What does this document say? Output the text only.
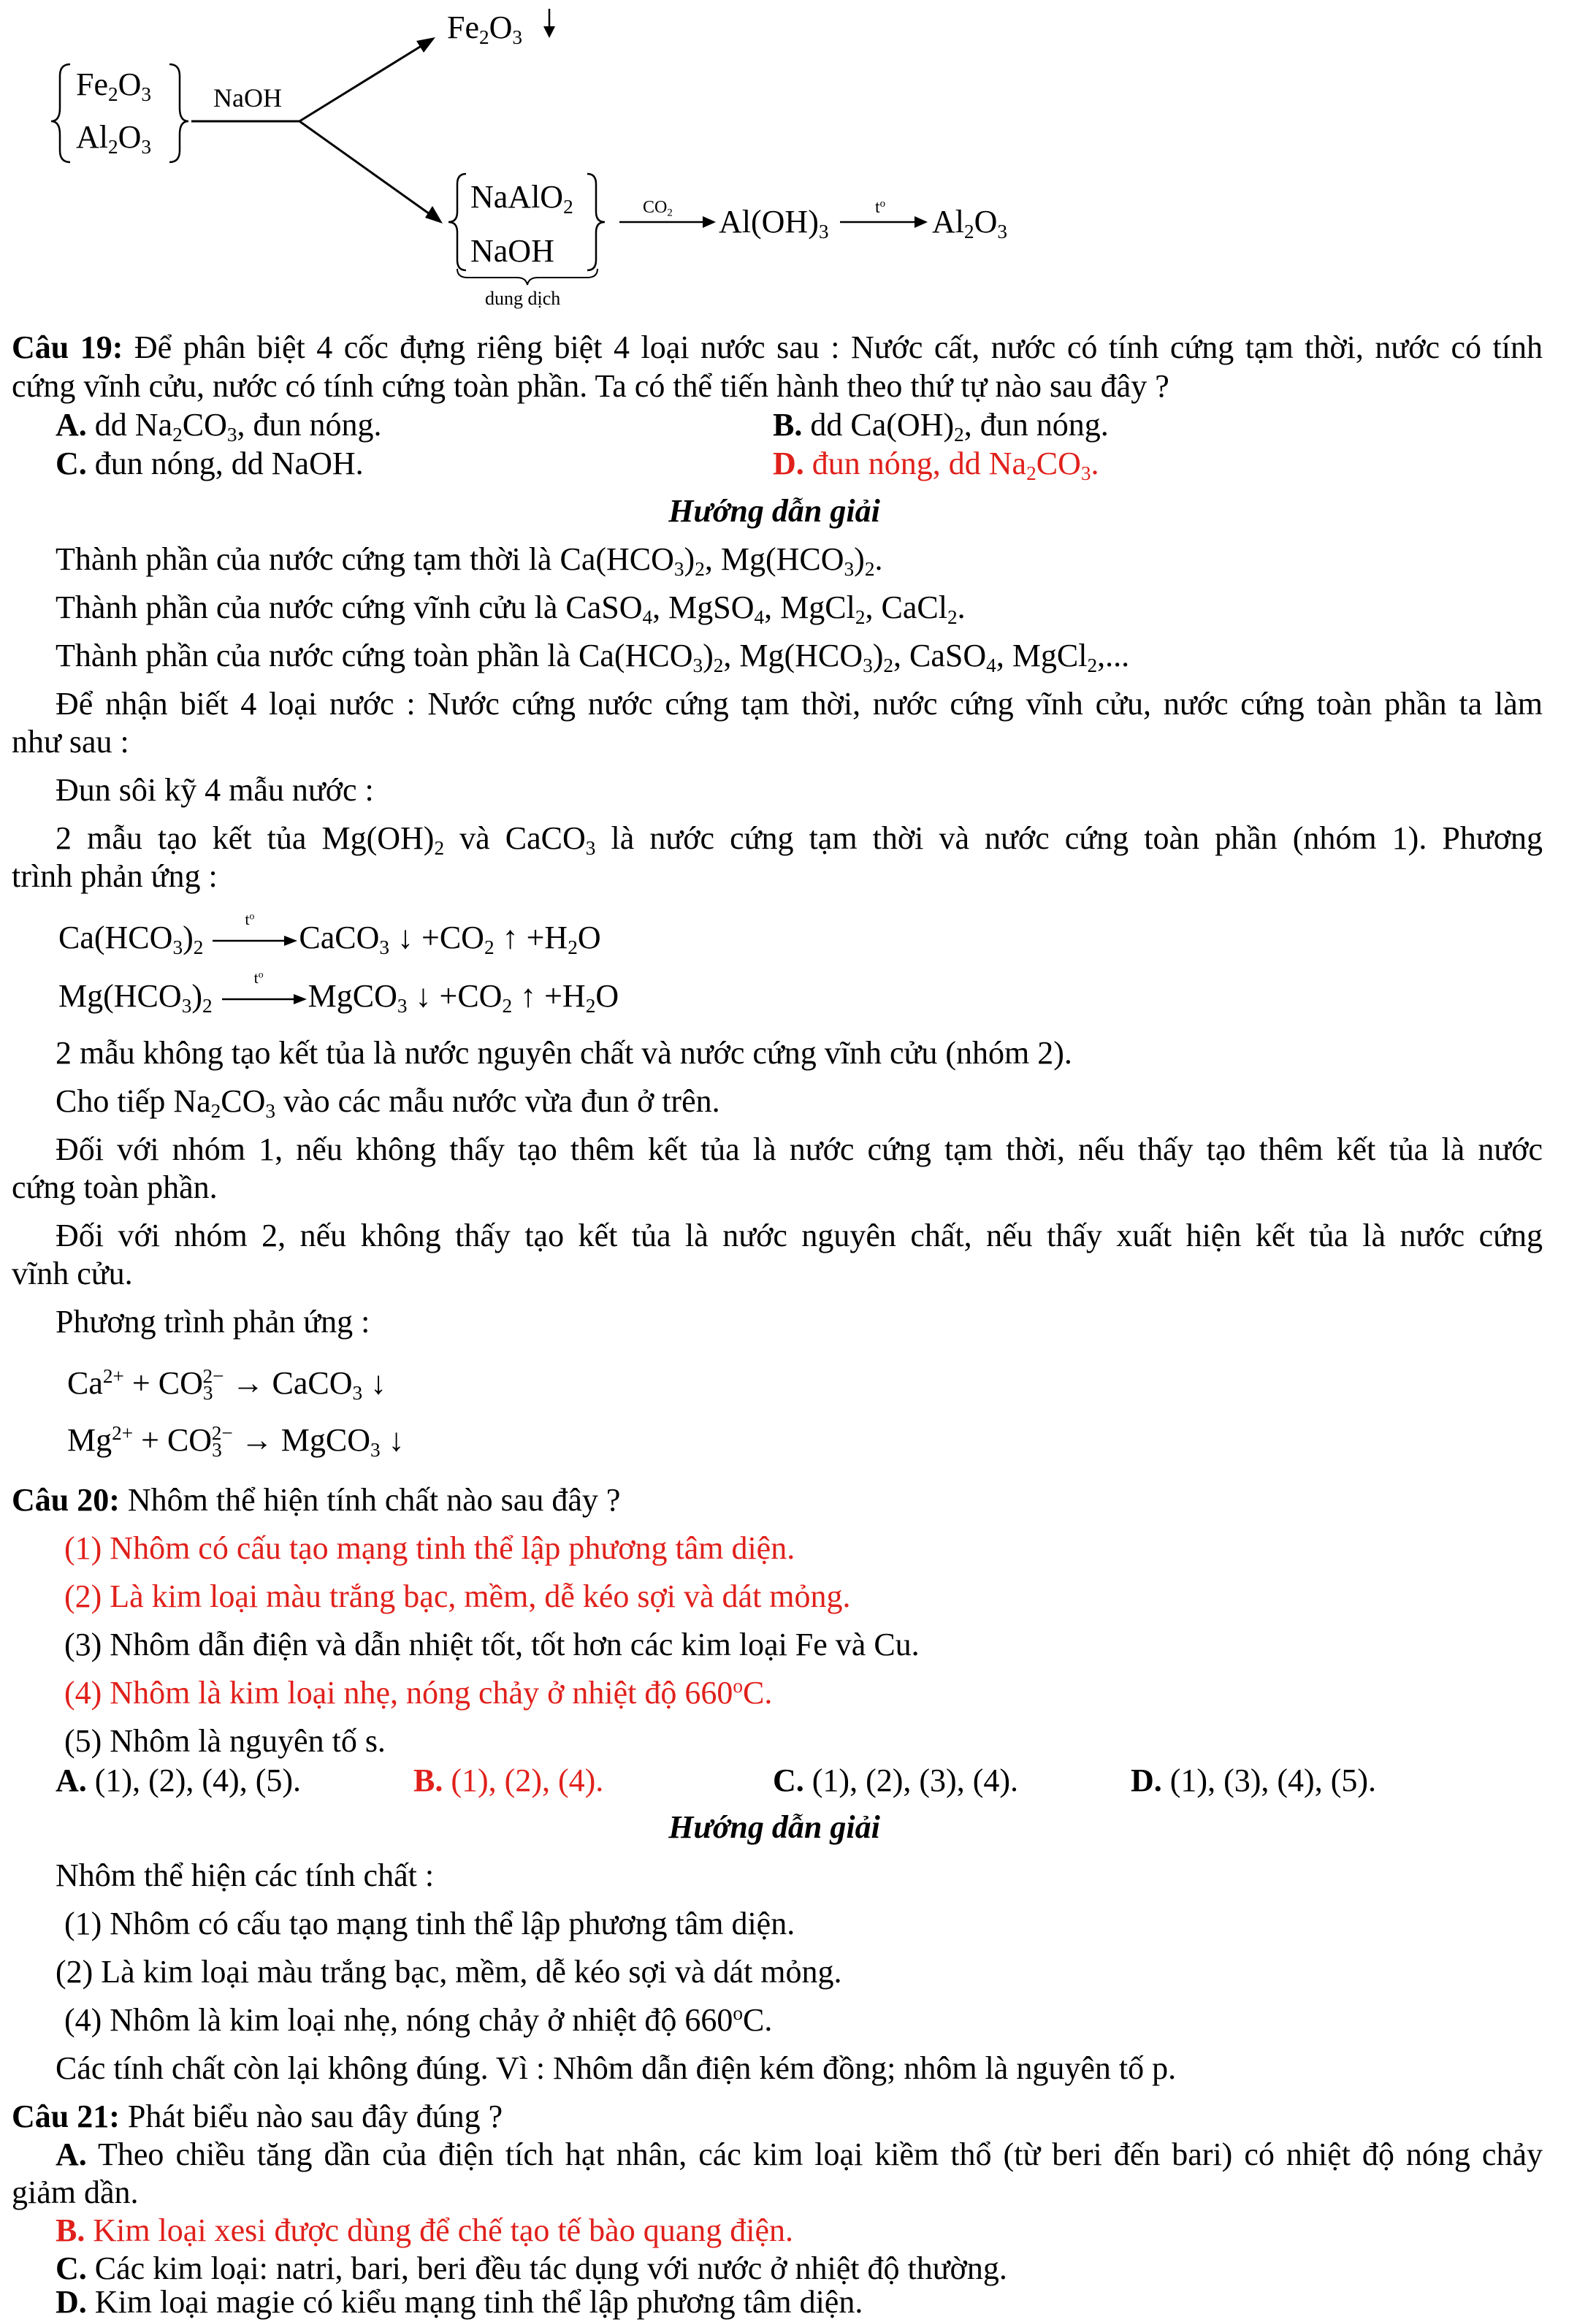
$Fe_2O_3$
$Fe_2O_3$
$Al_2O_3$
NaOH
NaAlO$_2$
NaOH
dung dịch
$CO_2$ $Al(OH)_3$
$t^o$
$Al_2O_3$
Câu 19: Để phân biệt 4 cốc đựng riêng biệt 4 loại nước sau : Nước cất, nước có tính cứng tạm thời, nước có tính
cứng vĩnh cửu, nước có tính cứng toàn phần. Ta có thể tiến hành theo thứ tự nào sau đây ?
A. dd $Na_2CO_3$, đun nóng.	B. dd $Ca(OH)_2$, đun nóng.
C. đun nóng, dd NaOH.	D. đun nóng, dd $Na_2CO_3$.
Hướng dẫn giải
Thành phần của nước cứng tạm thời là $Ca(HCO_3)_2$, $Mg(HCO_3)_2$.
Thành phần của nước cứng vĩnh cửu là CaSO$_4$, MgSO$_4$, MgCl$_2$, CaCl$_2$.
Thành phần của nước cứng toàn phần là $Ca(HCO_3)_2$, $Mg(HCO_3)_2$, CaSO$_4$, MgCl$_2$,...
Để nhận biết 4 loại nước : Nước cứng nước cứng tạm thời, nước cứng vĩnh cửu, nước cứng toàn phần ta làm
như sau :
Đun sôi kỹ 4 mẫu nước :
2 mẫu tạo kết tủa $Mg(OH)_2$ và CaCO$_3$ là nước cứng tạm thời và nước cứng toàn phần (nhóm 1). Phương
trình phản ứng :
$Ca(HCO_3)_2$
$t^o$
CaCO$_3$ ↓ $+CO_2$ ↑ $+H_2O$
$Mg(HCO_3)_2$
$t^o$
MgCO$_3$ ↓ $+CO_2$ ↑ $+H_2O$
2 mẫu không tạo kết tủa là nước nguyên chất và nước cứng vĩnh cửu (nhóm 2).
Cho tiếp $Na_2CO_3$ vào các mẫu nước vừa đun ở trên.
Đối với nhóm 1, nếu không thấy tạo thêm kết tủa là nước cứng tạm thời, nếu thấy tạo thêm kết tủa là nước
cứng toàn phần.
Đối với nhóm 2, nếu không thấy tạo kết tủa là nước nguyên chất, nếu thấy xuất hiện kết tủa là nước cứng
vĩnh cửu.
Phương trình phản ứng :
$Ca^{2+} + CO_3^{2-}$ → CaCO$_3$ ↓
$Mg^{2+} + CO_3^{2-}$ → MgCO$_3$ ↓
Câu 20: Nhôm thể hiện tính chất nào sau đây ?
(1) Nhôm có cấu tạo mạng tinh thể lập phương tâm diện.
(2) Là kim loại màu trắng bạc, mềm, dễ kéo sợi và dát mỏng.
(3) Nhôm dẫn điện và dẫn nhiệt tốt, tốt hơn các kim loại Fe và Cu.
(4) Nhôm là kim loại nhẹ, nóng chảy ở nhiệt độ 660$^o$C.
(5) Nhôm là nguyên tố s.
A. (1), (2), (4), (5).	B. (1), (2), (4).	C. (1), (2), (3), (4).	D. (1), (3), (4), (5).
Hướng dẫn giải
Nhôm thể hiện các tính chất :
(1) Nhôm có cấu tạo mạng tinh thể lập phương tâm diện.
(2) Là kim loại màu trắng bạc, mềm, dễ kéo sợi và dát mỏng.
(4) Nhôm là kim loại nhẹ, nóng chảy ở nhiệt độ 660$^o$C.
Các tính chất còn lại không đúng. Vì : Nhôm dẫn điện kém đồng; nhôm là nguyên tố p.
Câu 21: Phát biểu nào sau đây đúng ?
A. Theo chiều tăng dần của điện tích hạt nhân, các kim loại kiềm thổ (từ beri đến bari) có nhiệt độ nóng chảy
giảm dần.
B. Kim loại xesi được dùng để chế tạo tế bào quang điện.
C. Các kim loại: natri, bari, beri đều tác dụng với nước ở nhiệt độ thường.
D. Kim loại magie có kiểu mạng tinh thể lập phương tâm diện.
